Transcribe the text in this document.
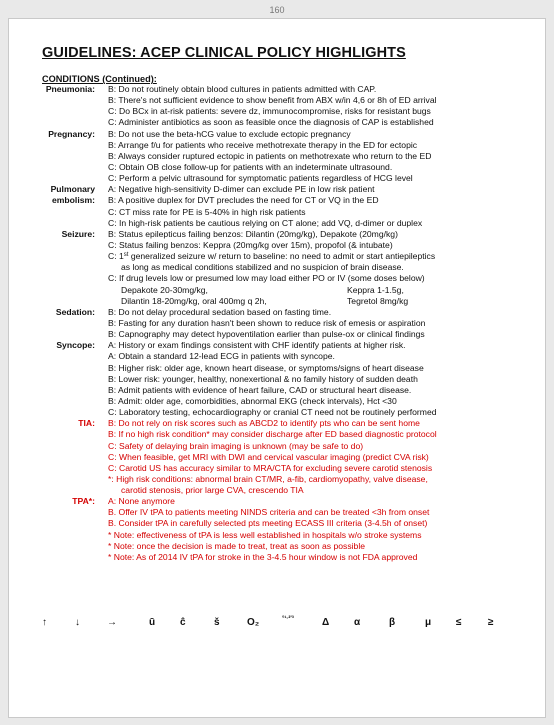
160
GUIDELINES: ACEP CLINICAL POLICY HIGHLIGHTS
CONDITIONS (Continued):
Pneumonia: B: Do not routinely obtain blood cultures in patients admitted with CAP.
B: There's not sufficient evidence to show benefit from ABX w/in 4,6 or 8h of ED arrival
C: Do BCx in at-risk patients: severe dz, immunocompromise, risks for resistant bugs
C: Administer antibiotics as soon as feasible once the diagnosis of CAP is established
Pregnancy: B: Do not use the beta-hCG value to exclude ectopic pregnancy
B: Arrange f/u for patients who receive methotrexate therapy in the ED for ectopic
B: Always consider ruptured ectopic in patients on methotrexate who return to the ED
C: Obtain OB close follow-up for patients with an indeterminate ultrasound.
C: Perform a pelvic ultrasound for symptomatic patients regardless of HCG level
Pulmonary A: Negative high-sensitivity D-dimer can exclude PE in low risk patient
embolism: B: A positive duplex for DVT precludes the need for CT or VQ in the ED
C: CT miss rate for PE is 5-40% in high risk patients
C: In high-risk patients be cautious relying on CT alone; add VQ, d-dimer or duplex
Seizure: B: Status epilepticus failing benzos: Dilantin (20mg/kg), Depakote (20mg/kg)
C: Status failing benzos: Keppra (20mg/kg over 15m), propofol (& intubate)
C: 1st generalized seizure w/ return to baseline: no need to admit or start antiepileptics
as long as medical conditions stabilized and no suspicion of brain disease.
C: If drug levels low or presumed low may load either PO or IV (some doses below)
Depakote 20-30mg/kg,	Keppra 1-1.5g,
Dilantin 18-20mg/kg, oral 400mg q 2h,	Tegretol 8mg/kg
Sedation: B: Do not delay procedural sedation based on fasting time.
B: Fasting for any duration hasn't been shown to reduce risk of emesis or aspiration
B: Capnography may detect hypoventilation earlier than pulse-ox or clinical findings
Syncope: A: History or exam findings consistent with CHF identify patients at higher risk.
A: Obtain a standard 12-lead ECG in patients with syncope.
B: Higher risk: older age, known heart disease, or symptoms/signs of heart disease
B: Lower risk: younger, healthy, nonexertional & no family history of sudden death
B: Admit patients with evidence of heart failure, CAD or structural heart disease.
B: Admit: older age, comorbidities, abnormal EKG (check intervals), Hct <30
C: Laboratory testing, echocardiography or cranial CT need not be routinely performed
TIA: B: Do not rely on risk scores such as ABCD2 to identify pts who can be sent home
B: If no high risk condition* may consider discharge after ED based diagnostic protocol
C: Safety of delaying brain imaging is unknown (may be safe to do)
C: When feasible, get MRI with DWI and cervical vascular imaging (predict CVA risk)
C: Carotid US has accuracy similar to MRA/CTA for excluding severe carotid stenosis
*: High risk conditions: abnormal brain CT/MR, a-fib, cardiomyopathy, valve disease,
carotid stenosis, prior large CVA, crescendo TIA
TPA*: A: None anymore
B. Offer IV tPA to patients meeting NINDS criteria and can be treated <3h from onset
B. Consider tPA in carefully selected pts meeting ECASS III criteria (3-4.5h of onset)
* Note: effectiveness of tPA is less well established in hospitals w/o stroke systems
* Note: once the decision is made to treat, treat as soon as possible
* Note: As of 2014 IV tPA for stroke in the 3-4.5 hour window is not FDA approved
↑	↓	→	ū ĉ	š	O₂	°¹·²'³	Δ α	β	μ ≤	≥
